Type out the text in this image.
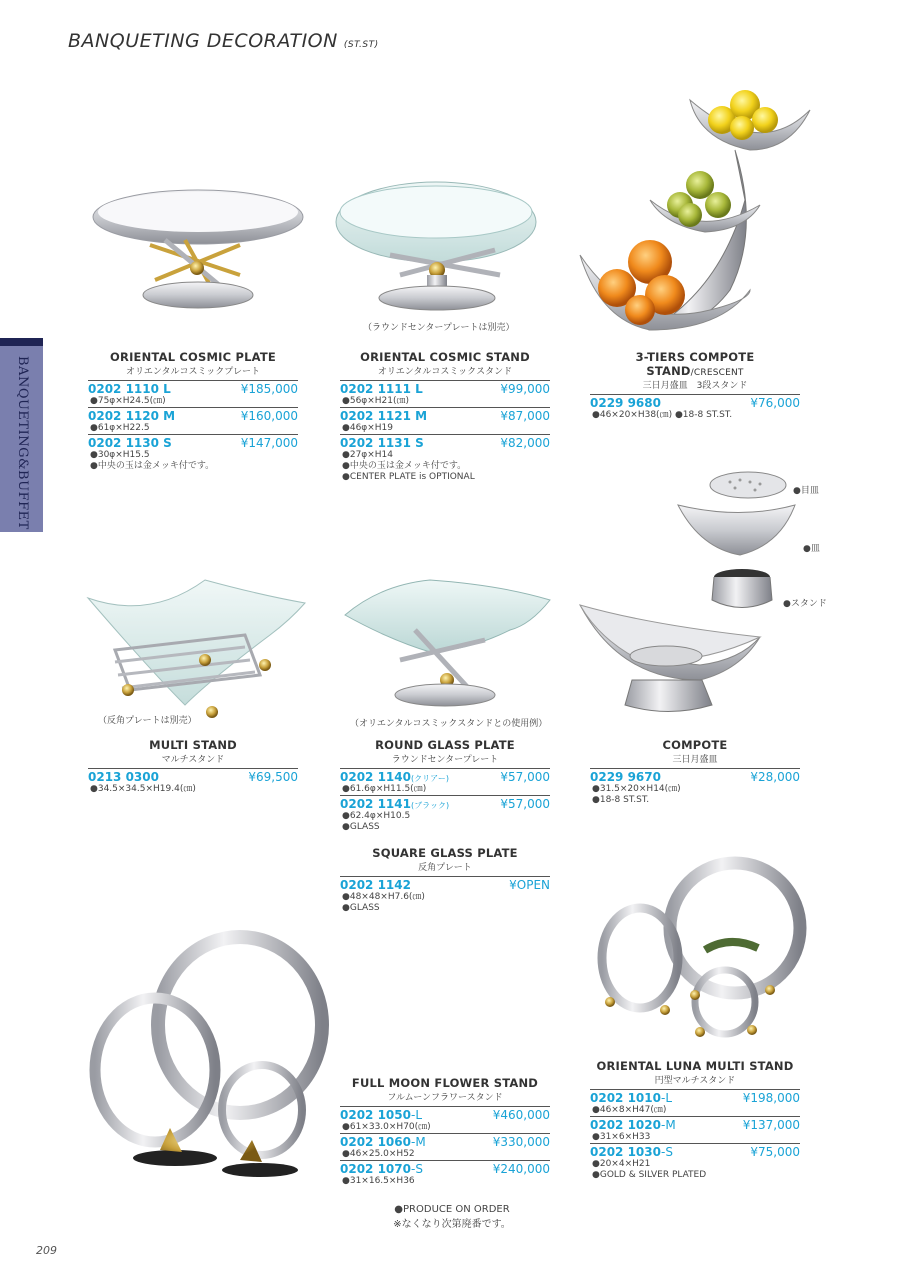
BANQUETING DECORATION (ST.ST)
BANQUETING&BUFFET
（ラウンドセンタープレートは別売）
（反角プレートは別売）	（オリエンタルコスミックスタンドとの使用例）
●目皿
●皿
●スタンド
ORIENTAL COSMIC PLATE
オリエンタルコスミックプレート
0202 1110 L	¥185,000
●75φ×H24.5(㎝)
0202 1120 M	¥160,000
●61φ×H22.5
0202 1130 S	¥147,000
●30φ×H15.5
●中央の玉は金メッキ付です。
ORIENTAL COSMIC STAND
オリエンタルコスミックスタンド
0202 1111 L	¥99,000
●56φ×H21(㎝)
0202 1121 M	¥87,000
●46φ×H19
0202 1131 S	¥82,000
●27φ×H14
●中央の玉は金メッキ付です。
●CENTER PLATE is OPTIONAL
3-TIERS COMPOTE STAND/CRESCENT
三日月盛皿　3段スタンド
0229 9680	¥76,000
●46×20×H38(㎝) ●18-8 ST.ST.
MULTI STAND
マルチスタンド
0213 0300	¥69,500
●34.5×34.5×H19.4(㎝)
ROUND GLASS PLATE
ラウンドセンタープレート
0202 1140(クリアー)	¥57,000
●61.6φ×H11.5(㎝)
0202 1141(ブラック)	¥57,000
●62.4φ×H10.5
●GLASS
SQUARE GLASS PLATE
反角プレート
0202 1142	¥OPEN
●48×48×H7.6(㎝)
●GLASS
COMPOTE
三日月盛皿
0229 9670	¥28,000
●31.5×20×H14(㎝)
●18-8 ST.ST.
FULL MOON FLOWER STAND
フルムーンフラワースタンド
0202 1050-L	¥460,000
●61×33.0×H70(㎝)
0202 1060-M	¥330,000
●46×25.0×H52
0202 1070-S	¥240,000
●31×16.5×H36
ORIENTAL LUNA MULTI STAND
円型マルチスタンド
0202 1010-L	¥198,000
●46×8×H47(㎝)
0202 1020-M	¥137,000
●31×6×H33
0202 1030-S	¥75,000
●20×4×H21
●GOLD & SILVER PLATED
●PRODUCE ON ORDER
※なくなり次第廃番です。
209
